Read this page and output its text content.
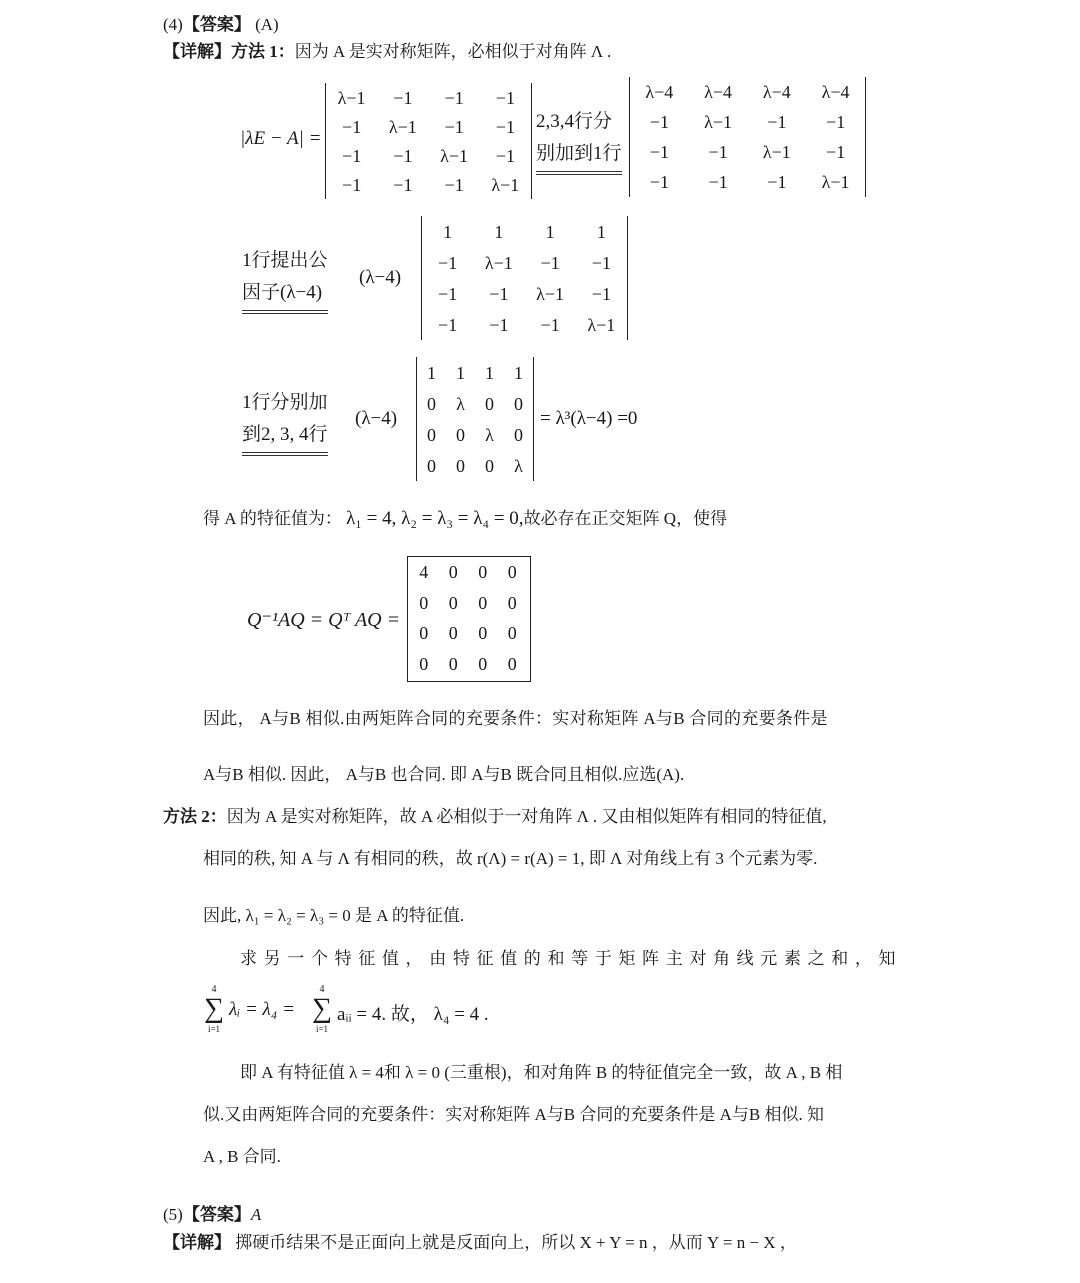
(4)【答案】 (A)
【详解】方法 1：因为 A 是实对称矩阵，必相似于对角阵 Λ .
|λE − A| =
λ−1	−1	−1	−1
−1	λ−1	−1	−1
−1	−1	λ−1	−1
−1	−1	−1	λ−1
2,3,4行分
别加到1行
λ−4	λ−4	λ−4	λ−4
−1	λ−1	−1	−1
−1	−1	λ−1	−1
−1	−1	−1	λ−1
1行提出公
因子(λ−4)
(λ−4)
1	1	1	1
−1	λ−1	−1	−1
−1	−1	λ−1	−1
−1	−1	−1	λ−1
1行分别加
到2, 3, 4行
(λ−4)
1	1	1	1
0	λ	0	0
0	0	λ	0
0	0	0	λ
= λ³(λ−4) =0
得 A 的特征值为： λ₁ = 4, λ₂ = λ₃ = λ₄ = 0,故必存在正交矩阵 Q，使得
Q⁻¹AQ = Qᵀ AQ =
4	0	0	0
0	0	0	0
0	0	0	0
0	0	0	0
因此， A与B 相似.由两矩阵合同的充要条件：实对称矩阵 A与B 合同的充要条件是
A与B 相似. 因此， A与B 也合同. 即 A与B 既合同且相似.应选(A).
方法 2：因为 A 是实对称矩阵，故 A 必相似于一对角阵 Λ . 又由相似矩阵有相同的特征值,
相同的秩, 知 A 与 Λ 有相同的秩，故 r(Λ) = r(A) = 1, 即 Λ 对角线上有 3 个元素为零.
因此, λ₁ = λ₂ = λ₃ = 0 是 A 的特征值.
求 另 一 个 特 征 值 ， 由 特 征 值 的 和 等 于 矩 阵 主 对 角 线 元 素 之 和 ， 知
4
∑
i=1
λᵢ = λ₄ =
4
∑
i=1
aᵢᵢ = 4. 故， λ₄ = 4 .
即 A 有特征值 λ = 4和 λ = 0 (三重根)，和对角阵 B 的特征值完全一致，故 A , B 相
似.又由两矩阵合同的充要条件：实对称矩阵 A与B 合同的充要条件是 A与B 相似. 知
A , B 合同.
(5)【答案】A
【详解】 掷硬币结果不是正面向上就是反面向上，所以 X + Y = n ，从而 Y = n − X ，
